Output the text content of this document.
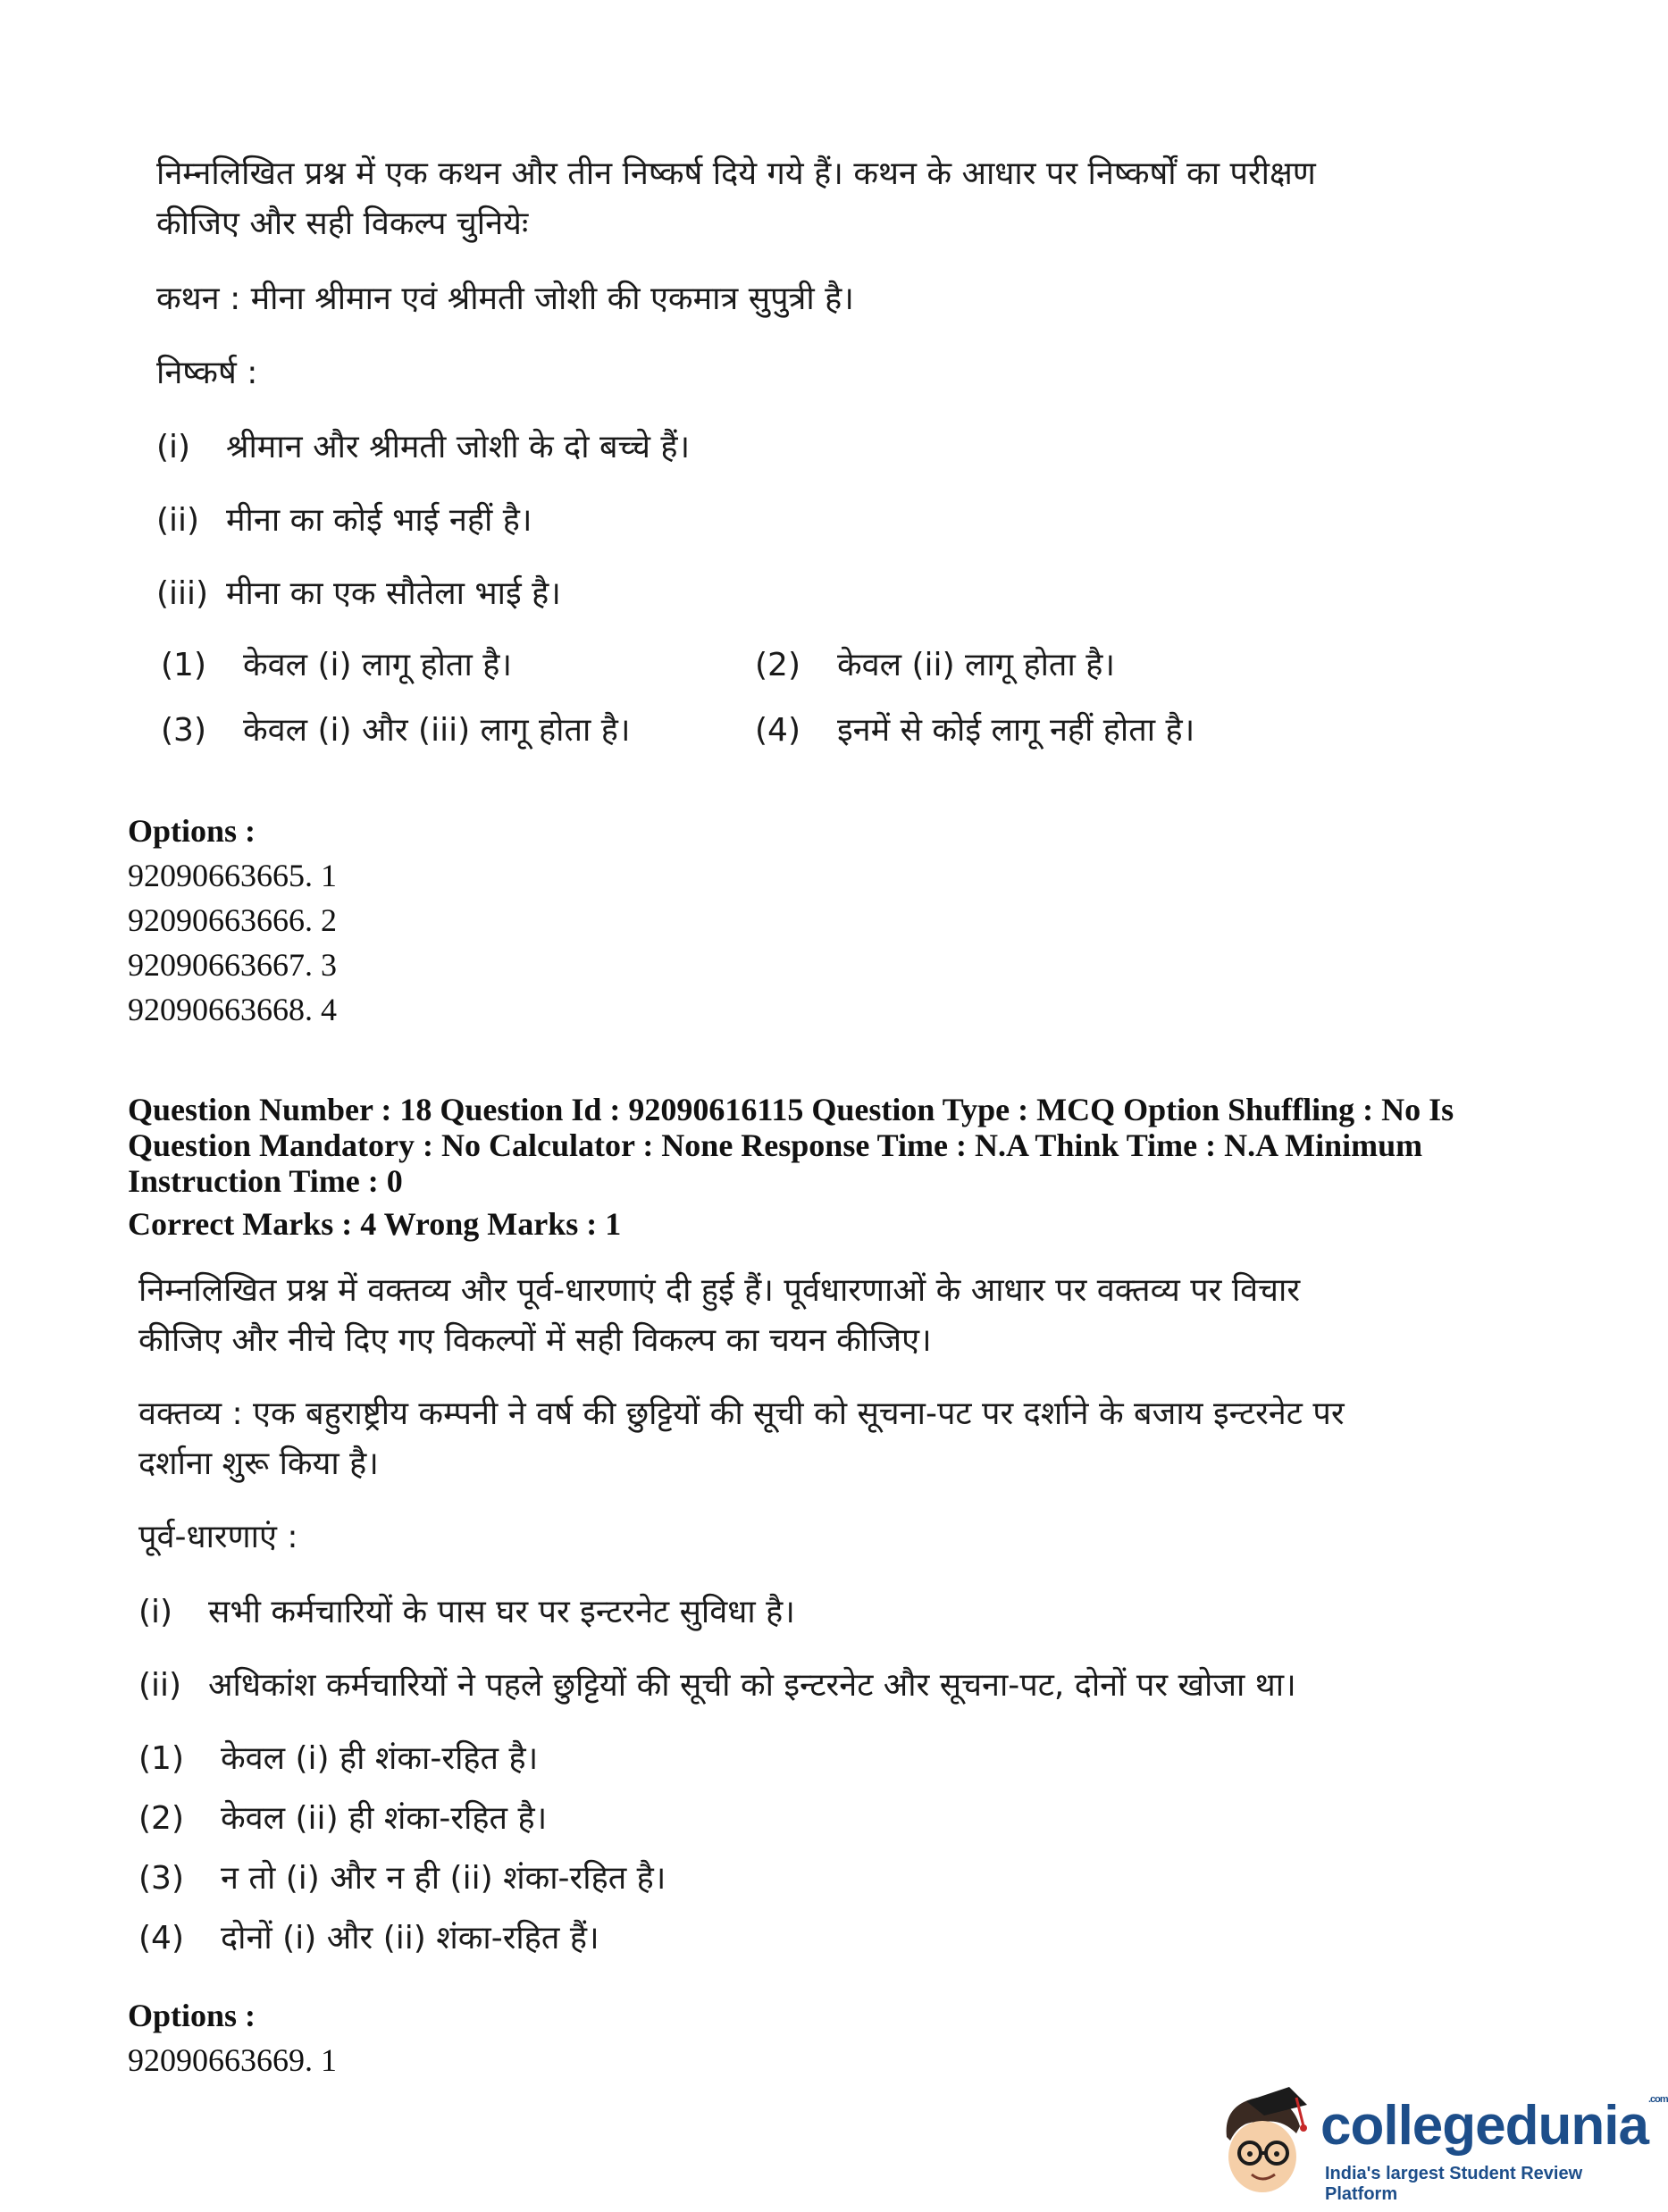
निम्नलिखित प्रश्न में एक कथन और तीन निष्कर्ष दिये गये हैं। कथन के आधार पर निष्कर्षों का परीक्षण
कीजिए और सही विकल्प चुनियेः
कथन : मीना श्रीमान एवं श्रीमती जोशी की एकमात्र सुपुत्री है।
निष्कर्ष :
(i) श्रीमान और श्रीमती जोशी के दो बच्चे हैं।
(ii) मीना का कोई भाई नहीं है।
(iii) मीना का एक सौतेला भाई है।
(1) केवल (i) लागू होता है।	(2) केवल (ii) लागू होता है।
(3) केवल (i) और (iii) लागू होता है।	(4) इनमें से कोई लागू नहीं होता है।
Options :
92090663665. 1
92090663666. 2
92090663667. 3
92090663668. 4
Question Number : 18 Question Id : 92090616115 Question Type : MCQ Option Shuffling : No Is
Question Mandatory : No Calculator : None Response Time : N.A Think Time : N.A Minimum
Instruction Time : 0
Correct Marks : 4 Wrong Marks : 1
निम्नलिखित प्रश्न में वक्तव्य और पूर्व-धारणाएं दी हुई हैं। पूर्वधारणाओं के आधार पर वक्तव्य पर विचार
कीजिए और नीचे दिए गए विकल्पों में सही विकल्प का चयन कीजिए।
वक्तव्य : एक बहुराष्ट्रीय कम्पनी ने वर्ष की छुट्टियों की सूची को सूचना-पट पर दर्शाने के बजाय इन्टरनेट पर
दर्शाना शुरू किया है।
पूर्व-धारणाएं :
(i) सभी कर्मचारियों के पास घर पर इन्टरनेट सुविधा है।
(ii) अधिकांश कर्मचारियों ने पहले छुट्टियों की सूची को इन्टरनेट और सूचना-पट, दोनों पर खोजा था।
(1) केवल (i) ही शंका-रहित है।
(2) केवल (ii) ही शंका-रहित है।
(3) न तो (i) और न ही (ii) शंका-रहित है।
(4) दोनों (i) और (ii) शंका-रहित हैं।
Options :
92090663669. 1
collegedunia$^{.com}$
India's largest Student Review Platform
